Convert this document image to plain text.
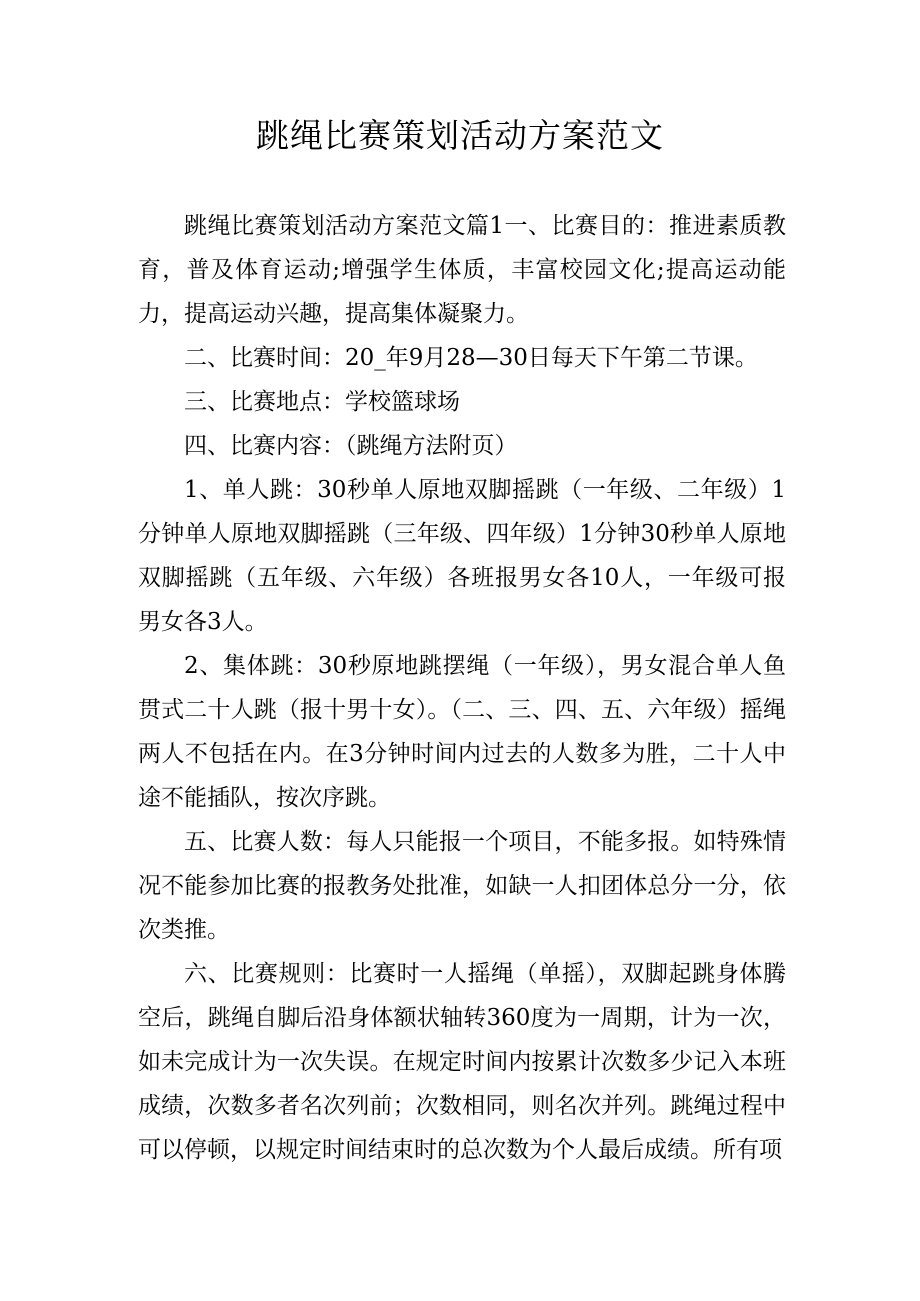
跳绳比赛策划活动方案范文

跳绳比赛策划活动方案范文篇1一、比赛目的：推进素质教育，普及体育运动;增强学生体质，丰富校园文化;提高运动能力，提高运动兴趣，提高集体凝聚力。

二、比赛时间：20_年9月28—30日每天下午第二节课。

三、比赛地点：学校篮球场

四、比赛内容：（跳绳方法附页）

1、单人跳：30秒单人原地双脚摇跳（一年级、二年级）1分钟单人原地双脚摇跳（三年级、四年级）1分钟30秒单人原地双脚摇跳（五年级、六年级）各班报男女各10人，一年级可报男女各3人。

2、集体跳：30秒原地跳摆绳（一年级），男女混合单人鱼贯式二十人跳（报十男十女）。（二、三、四、五、六年级）摇绳两人不包括在内。在3分钟时间内过去的人数多为胜，二十人中途不能插队，按次序跳。

五、比赛人数：每人只能报一个项目，不能多报。如特殊情况不能参加比赛的报教务处批准，如缺一人扣团体总分一分，依次类推。

六、比赛规则：比赛时一人摇绳（单摇），双脚起跳身体腾空后，跳绳自脚后沿身体额状轴转360度为一周期，计为一次，如未完成计为一次失误。在规定时间内按累计次数多少记入本班成绩，次数多者名次列前；次数相同，则名次并列。跳绳过程中可以停顿，以规定时间结束时的总次数为个人最后成绩。所有项
